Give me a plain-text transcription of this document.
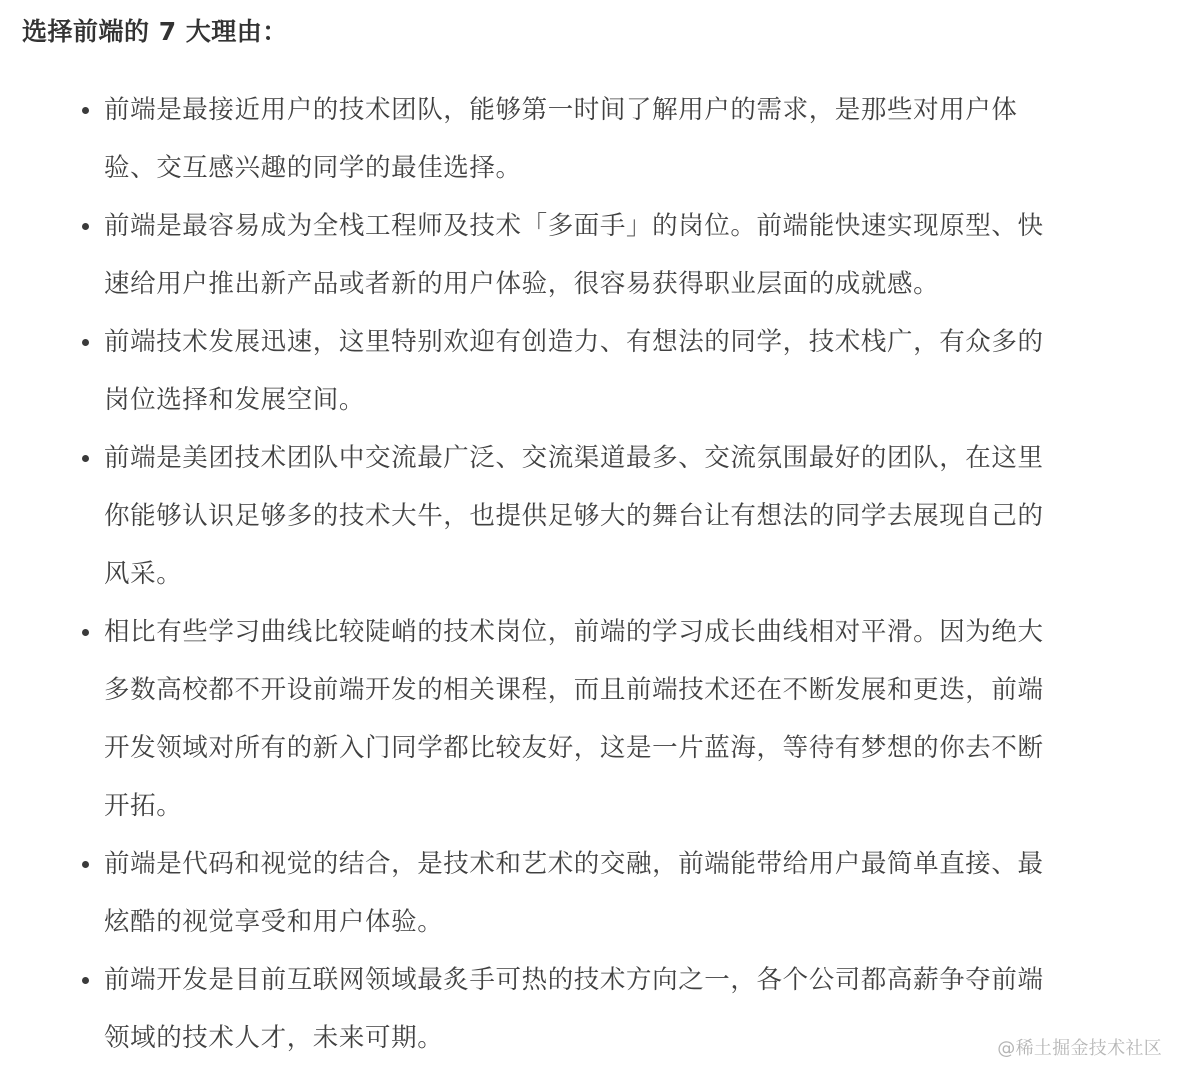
选择前端的 7 大理由：
前端是最接近用户的技术团队，能够第一时间了解用户的需求，是那些对用户体验、交互感兴趣的同学的最佳选择。
前端是最容易成为全栈工程师及技术「多面手」的岗位。前端能快速实现原型、快速给用户推出新产品或者新的用户体验，很容易获得职业层面的成就感。
前端技术发展迅速，这里特别欢迎有创造力、有想法的同学，技术栈广，有众多的岗位选择和发展空间。
前端是美团技术团队中交流最广泛、交流渠道最多、交流氛围最好的团队，在这里你能够认识足够多的技术大牛，也提供足够大的舞台让有想法的同学去展现自己的风采。
相比有些学习曲线比较陡峭的技术岗位，前端的学习成长曲线相对平滑。因为绝大多数高校都不开设前端开发的相关课程，而且前端技术还在不断发展和更迭，前端开发领域对所有的新入门同学都比较友好，这是一片蓝海，等待有梦想的你去不断开拓。
前端是代码和视觉的结合，是技术和艺术的交融，前端能带给用户最简单直接、最炫酷的视觉享受和用户体验。
前端开发是目前互联网领域最炙手可热的技术方向之一，各个公司都高薪争夺前端领域的技术人才，未来可期。	@稀土掘金技术社区
